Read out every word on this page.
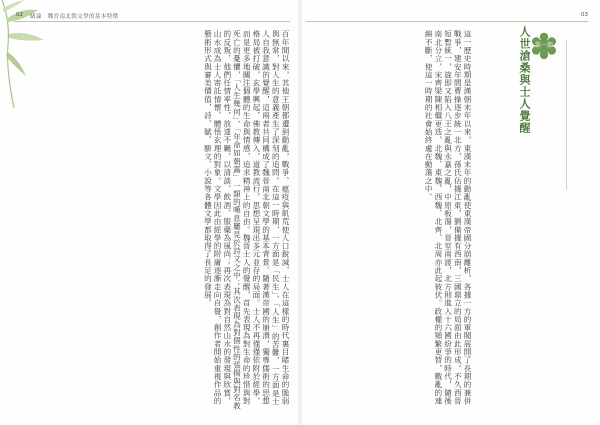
02 緒論　魏晉南北朝文學的基本特徵	03
百年間以來，其他王朝都遭到動亂，戰爭、瘟疫與飢荒使人口銳減，士人在這樣的時代裏目睹生命的脆弱與無常，對人生的意義產生了深刻的追問。在這一時期，一方面是「民生」、「人生」的苦難，一方面是士人自我意識的覺醒，這兩者共同構成了魏晉南北朝文學的基本背景。隨著漢帝國的崩潰，獨尊儒術的思想格局被打破，玄學興起，佛教傳入，道教流行，思想呈現出多元並存的局面。士人不再僅僅依附於經學，而是更多地關注個體的生命與情感，追求精神上的自由。魏晉士人的覺醒，首先表現為對生命的珍惜與對死亡的憂懼，「人生幾何」、「年命如朝露」一類的嘆息屢見於詩文之中；其次表現為對個性的張揚與對名教的反叛，他們任情率性，放達不羈，以清談、飲酒、服藥為風尚；再次表現為對自然山水的發現與欣賞，山水成為士人寄託情懷、體悟玄理的對象。文學因此由經學的附庸逐漸走向自覺，創作者開始重視作品的藝術形式與審美價值，詩、賦、駢文、小說等各體文學都取得了長足的發展。	這一歷史時期是漢朝末年以來，東漢末年的動亂使東漢帝國分崩離析，各據一方的軍閥展開了長期的兼併戰爭，建安年間曹操逐步統一北方，孫氏佔據江東，劉備據有西南，三國鼎立的局面由此形成。不久西晉短暫統一，旋即又陷入八王之亂與永嘉之亂，中原板蕩，晉室南渡，北方則進入十六國紛爭的時代，隨後南北分立，宋齊梁陳相繼更迭，北魏、東魏、西魏、北齊、北周亦此起彼伏。政權的頻繁更替，戰亂的連綿不斷，使這一時期的社會始終處在動蕩之中。	人世滄桑與士人覺醒 第一節
